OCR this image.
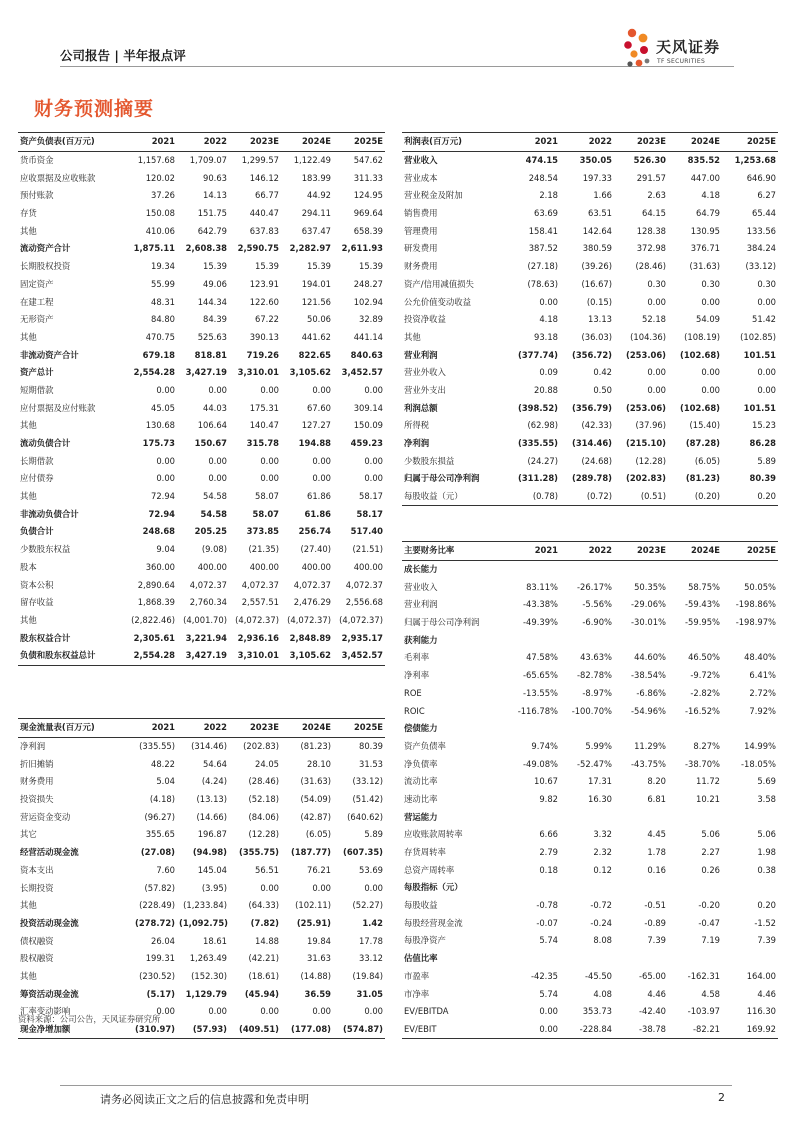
公司报告 | 半年报点评	天风证券
TF SECURITIES
财务预测摘要
资产负债表(百万元)	2021	2022	2023E	2024E	2025E
货币资金	1,157.68	1,709.07	1,299.57	1,122.49	547.62
应收票据及应收账款	120.02	90.63	146.12	183.99	311.33
预付账款	37.26	14.13	66.77	44.92	124.95
存货	150.08	151.75	440.47	294.11	969.64
其他	410.06	642.79	637.83	637.47	658.39
流动资产合计	1,875.11	2,608.38	2,590.75	2,282.97	2,611.93
长期股权投资	19.34	15.39	15.39	15.39	15.39
固定资产	55.99	49.06	123.91	194.01	248.27
在建工程	48.31	144.34	122.60	121.56	102.94
无形资产	84.80	84.39	67.22	50.06	32.89
其他	470.75	525.63	390.13	441.62	441.14
非流动资产合计	679.18	818.81	719.26	822.65	840.63
资产总计	2,554.28	3,427.19	3,310.01	3,105.62	3,452.57
短期借款	0.00	0.00	0.00	0.00	0.00
应付票据及应付账款	45.05	44.03	175.31	67.60	309.14
其他	130.68	106.64	140.47	127.27	150.09
流动负债合计	175.73	150.67	315.78	194.88	459.23
长期借款	0.00	0.00	0.00	0.00	0.00
应付债券	0.00	0.00	0.00	0.00	0.00
其他	72.94	54.58	58.07	61.86	58.17
非流动负债合计	72.94	54.58	58.07	61.86	58.17
负债合计	248.68	205.25	373.85	256.74	517.40
少数股东权益	9.04	(9.08)	(21.35)	(27.40)	(21.51)
股本	360.00	400.00	400.00	400.00	400.00
资本公积	2,890.64	4,072.37	4,072.37	4,072.37	4,072.37
留存收益	1,868.39	2,760.34	2,557.51	2,476.29	2,556.68
其他	(2,822.46)	(4,001.70)	(4,072.37)	(4,072.37)	(4,072.37)
股东权益合计	2,305.61	3,221.94	2,936.16	2,848.89	2,935.17
负债和股东权益总计	2,554.28	3,427.19	3,310.01	3,105.62	3,452.57
利润表(百万元)	2021	2022	2023E	2024E	2025E
营业收入	474.15	350.05	526.30	835.52	1,253.68
营业成本	248.54	197.33	291.57	447.00	646.90
营业税金及附加	2.18	1.66	2.63	4.18	6.27
销售费用	63.69	63.51	64.15	64.79	65.44
管理费用	158.41	142.64	128.38	130.95	133.56
研发费用	387.52	380.59	372.98	376.71	384.24
财务费用	(27.18)	(39.26)	(28.46)	(31.63)	(33.12)
资产/信用减值损失	(78.63)	(16.67)	0.30	0.30	0.30
公允价值变动收益	0.00	(0.15)	0.00	0.00	0.00
投资净收益	4.18	13.13	52.18	54.09	51.42
其他	93.18	(36.03)	(104.36)	(108.19)	(102.85)
营业利润	(377.74)	(356.72)	(253.06)	(102.68)	101.51
营业外收入	0.09	0.42	0.00	0.00	0.00
营业外支出	20.88	0.50	0.00	0.00	0.00
利润总额	(398.52)	(356.79)	(253.06)	(102.68)	101.51
所得税	(62.98)	(42.33)	(37.96)	(15.40)	15.23
净利润	(335.55)	(314.46)	(215.10)	(87.28)	86.28
少数股东损益	(24.27)	(24.68)	(12.28)	(6.05)	5.89
归属于母公司净利润	(311.28)	(289.78)	(202.83)	(81.23)	80.39
每股收益（元）	(0.78)	(0.72)	(0.51)	(0.20)	0.20
主要财务比率	2021	2022	2023E	2024E	2025E
成长能力					
营业收入	83.11%	-26.17%	50.35%	58.75%	50.05%
营业利润	-43.38%	-5.56%	-29.06%	-59.43%	-198.86%
归属于母公司净利润	-49.39%	-6.90%	-30.01%	-59.95%	-198.97%
获利能力					
毛利率	47.58%	43.63%	44.60%	46.50%	48.40%
净利率	-65.65%	-82.78%	-38.54%	-9.72%	6.41%
ROE	-13.55%	-8.97%	-6.86%	-2.82%	2.72%
ROIC	-116.78%	-100.70%	-54.96%	-16.52%	7.92%
偿债能力					
资产负债率	9.74%	5.99%	11.29%	8.27%	14.99%
净负债率	-49.08%	-52.47%	-43.75%	-38.70%	-18.05%
流动比率	10.67	17.31	8.20	11.72	5.69
速动比率	9.82	16.30	6.81	10.21	3.58
营运能力					
应收账款周转率	6.66	3.32	4.45	5.06	5.06
存货周转率	2.79	2.32	1.78	2.27	1.98
总资产周转率	0.18	0.12	0.16	0.26	0.38
每股指标（元）					
每股收益	-0.78	-0.72	-0.51	-0.20	0.20
每股经营现金流	-0.07	-0.24	-0.89	-0.47	-1.52
每股净资产	5.74	8.08	7.39	7.19	7.39
估值比率					
市盈率	-42.35	-45.50	-65.00	-162.31	164.00
市净率	5.74	4.08	4.46	4.58	4.46
EV/EBITDA	0.00	353.73	-42.40	-103.97	116.30
EV/EBIT	0.00	-228.84	-38.78	-82.21	169.92
现金流量表(百万元)	2021	2022	2023E	2024E	2025E
净利润	(335.55)	(314.46)	(202.83)	(81.23)	80.39
折旧摊销	48.22	54.64	24.05	28.10	31.53
财务费用	5.04	(4.24)	(28.46)	(31.63)	(33.12)
投资损失	(4.18)	(13.13)	(52.18)	(54.09)	(51.42)
营运资金变动	(96.27)	(14.66)	(84.06)	(42.87)	(640.62)
其它	355.65	196.87	(12.28)	(6.05)	5.89
经营活动现金流	(27.08)	(94.98)	(355.75)	(187.77)	(607.35)
资本支出	7.60	145.04	56.51	76.21	53.69
长期投资	(57.82)	(3.95)	0.00	0.00	0.00
其他	(228.49)	(1,233.84)	(64.33)	(102.11)	(52.27)
投资活动现金流	(278.72)	(1,092.75)	(7.82)	(25.91)	1.42
债权融资	26.04	18.61	14.88	19.84	17.78
股权融资	199.31	1,263.49	(42.21)	31.63	33.12
其他	(230.52)	(152.30)	(18.61)	(14.88)	(19.84)
筹资活动现金流	(5.17)	1,129.79	(45.94)	36.59	31.05
汇率变动影响	0.00	0.00	0.00	0.00	0.00
现金净增加额	(310.97)	(57.93)	(409.51)	(177.08)	(574.87)
资料来源：公司公告，天风证券研究所
请务必阅读正文之后的信息披露和免责申明	2
